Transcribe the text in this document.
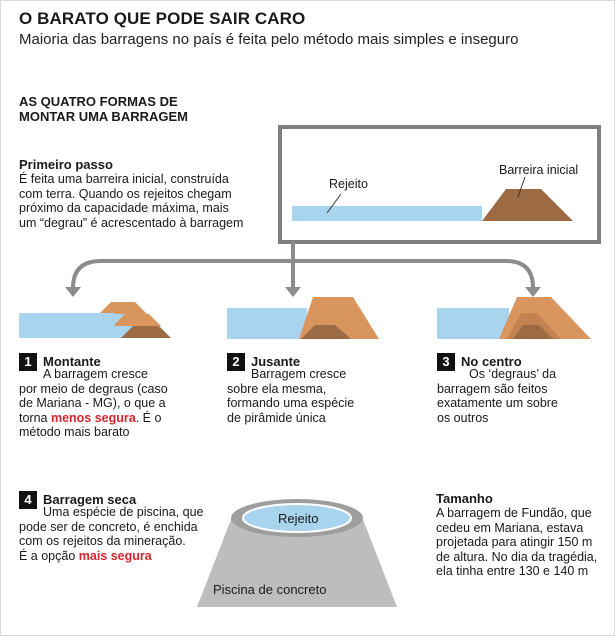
O BARATO QUE PODE SAIR CARO
Maioria das barragens no país é feita pelo método mais simples e inseguro
AS QUATRO FORMAS DE
MONTAR UMA BARRAGEM
Primeiro passo
É feita uma barreira inicial, construída
com terra. Quando os rejeitos chegam
próximo da capacidade máxima, mais
um “degrau” é acrescentado à barragem
Rejeito
Barreira inicial
1 Montante
A barragem cresce
por meio de degraus (caso
de Mariana - MG), o que a
torna menos segura. É o
método mais barato
2 Jusante
Barragem cresce
sobre ela mesma,
formando uma espécie
de pirâmide única
3 No centro
Os ‘degraus’ da
barragem são feitos
exatamente um sobre
os outros
4 Barragem seca
Uma espécie de piscina, que
pode ser de concreto, é enchida
com os rejeitos da mineração.
É a opção mais segura
Rejeito
Piscina de concreto
Tamanho
A barragem de Fundão, que
cedeu em Mariana, estava
projetada para atingir 150 m
de altura. No dia da tragédia,
ela tinha entre 130 e 140 m
